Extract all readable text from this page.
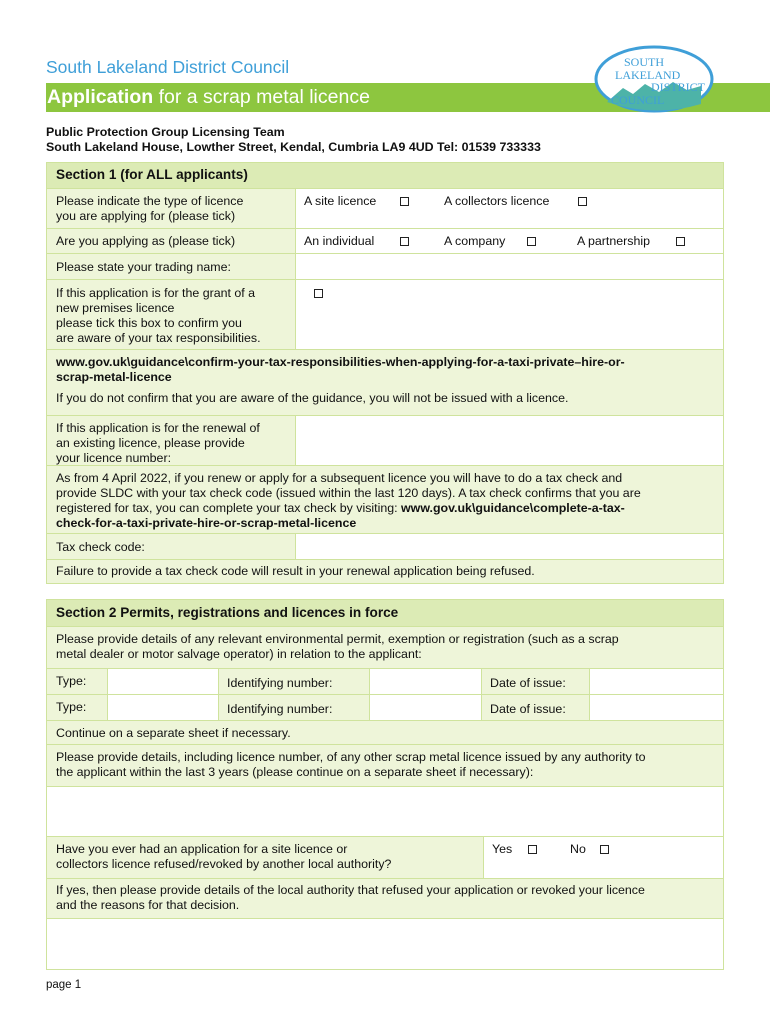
South Lakeland District Council
Application for a scrap metal licence
SOUTH
LAKELAND
DISTRICT
COUNCIL
Public Protection Group Licensing Team
South Lakeland House, Lowther Street, Kendal, Cumbria LA9 4UD Tel: 01539 733333
Section 1 (for ALL applicants)
Please indicate the type of licence
you are applying for (please tick)
A site licence	A collectors licence
Are you applying as (please tick)	An individual	A company	A partnership
Please state your trading name:
If this application is for the grant of a
new premises licence
please tick this box to confirm you
are aware of your tax responsibilities.
www.gov.uk\guidance\confirm-your-tax-responsibilities-when-applying-for-a-taxi-private–hire-or-
scrap-metal-licence
If you do not confirm that you are aware of the guidance, you will not be issued with a licence.
If this application is for the renewal of
an existing licence, please provide
your licence number:
As from 4 April 2022, if you renew or apply for a subsequent licence you will have to do a tax check and
provide SLDC with your tax check code (issued within the last 120 days). A tax check confirms that you are
registered for tax, you can complete your tax check by visiting: www.gov.uk\guidance\complete-a-tax-
check-for-a-taxi-private-hire-or-scrap-metal-licence
Tax check code:
Failure to provide a tax check code will result in your renewal application being refused.
Section 2 Permits, registrations and licences in force
Please provide details of any relevant environmental permit, exemption or registration (such as a scrap
metal dealer or motor salvage operator) in relation to the applicant:
Type:	Identifying number:	Date of issue:
Type:	Identifying number:	Date of issue:
Continue on a separate sheet if necessary.
Please provide details, including licence number, of any other scrap metal licence issued by any authority to
the applicant within the last 3 years (please continue on a separate sheet if necessary):
Have you ever had an application for a site licence or
collectors licence refused/revoked by another local authority?
Yes	No
If yes, then please provide details of the local authority that refused your application or revoked your licence
and the reasons for that decision.
page 1
